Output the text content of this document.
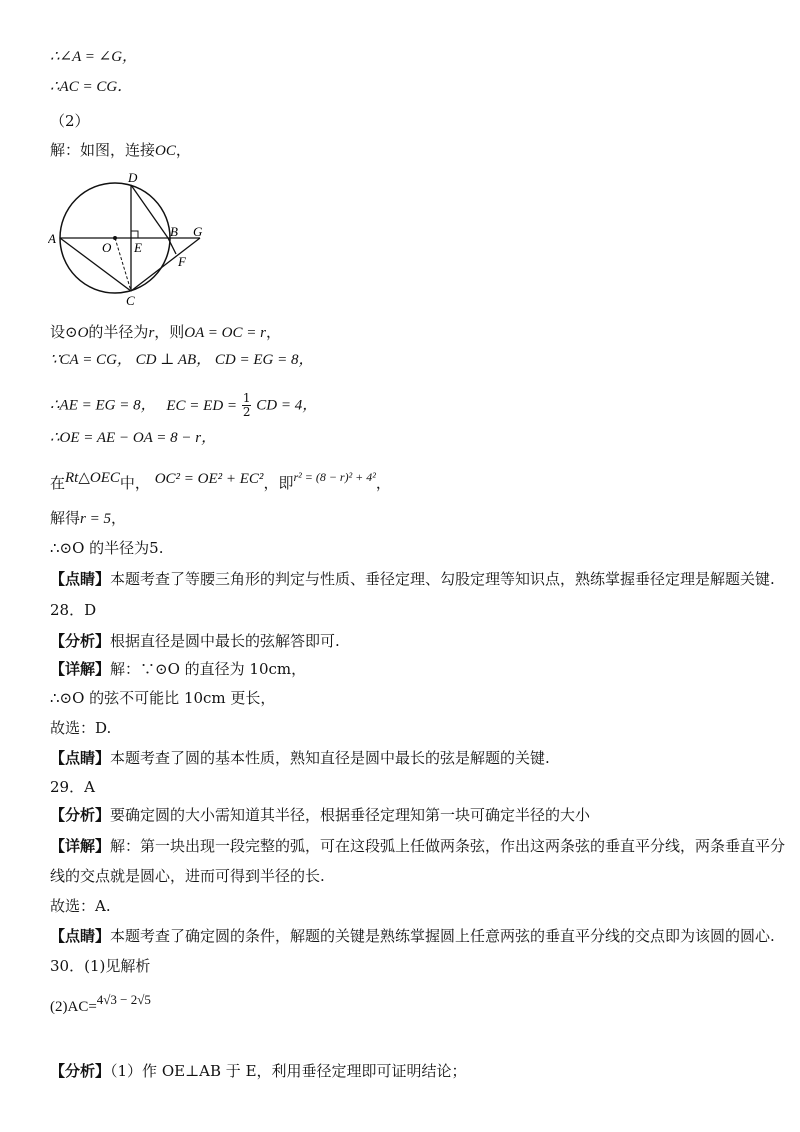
∴∠A = ∠G，
∴AC = CG．
（2）
解：如图，连接OC，
D
A
O E
B G
F
C
设⊙O的半径为r，则OA = OC = r，
∵CA = CG， CD ⊥ AB， CD = EG = 8，
∴AE = EG = 8， EC = ED = $\frac{1}{2}$ CD = 4，
∴OE = AE − OA = 8 − r，
在Rt△OEC中， OC² = OE² + EC²，即$^{r^2 = (8 - r)^2 + 4^2}$，
解得r = 5，
∴⊙O 的半径为5.
【点睛】本题考查了等腰三角形的判定与性质、垂径定理、勾股定理等知识点，熟练掌握垂径定理是解题关键.
28．D
【分析】根据直径是圆中最长的弦解答即可.
【详解】解：∵⊙O 的直径为 10cm，
∴⊙O 的弦不可能比 10cm 更长，
故选：D.
【点睛】本题考查了圆的基本性质，熟知直径是圆中最长的弦是解题的关键.
29．A
【分析】要确定圆的大小需知道其半径，根据垂径定理知第一块可确定半径的大小
【详解】解：第一块出现一段完整的弧，可在这段弧上任做两条弦，作出这两条弦的垂直平分线，两条垂直平分
线的交点就是圆心，进而可得到半径的长.
故选：A.
【点睛】本题考查了确定圆的条件，解题的关键是熟练掌握圆上任意两弦的垂直平分线的交点即为该圆的圆心.
30．(1)见解析
(2)AC=4√3 − 2√5
【分析】（1）作 OE⊥AB 于 E，利用垂径定理即可证明结论；
